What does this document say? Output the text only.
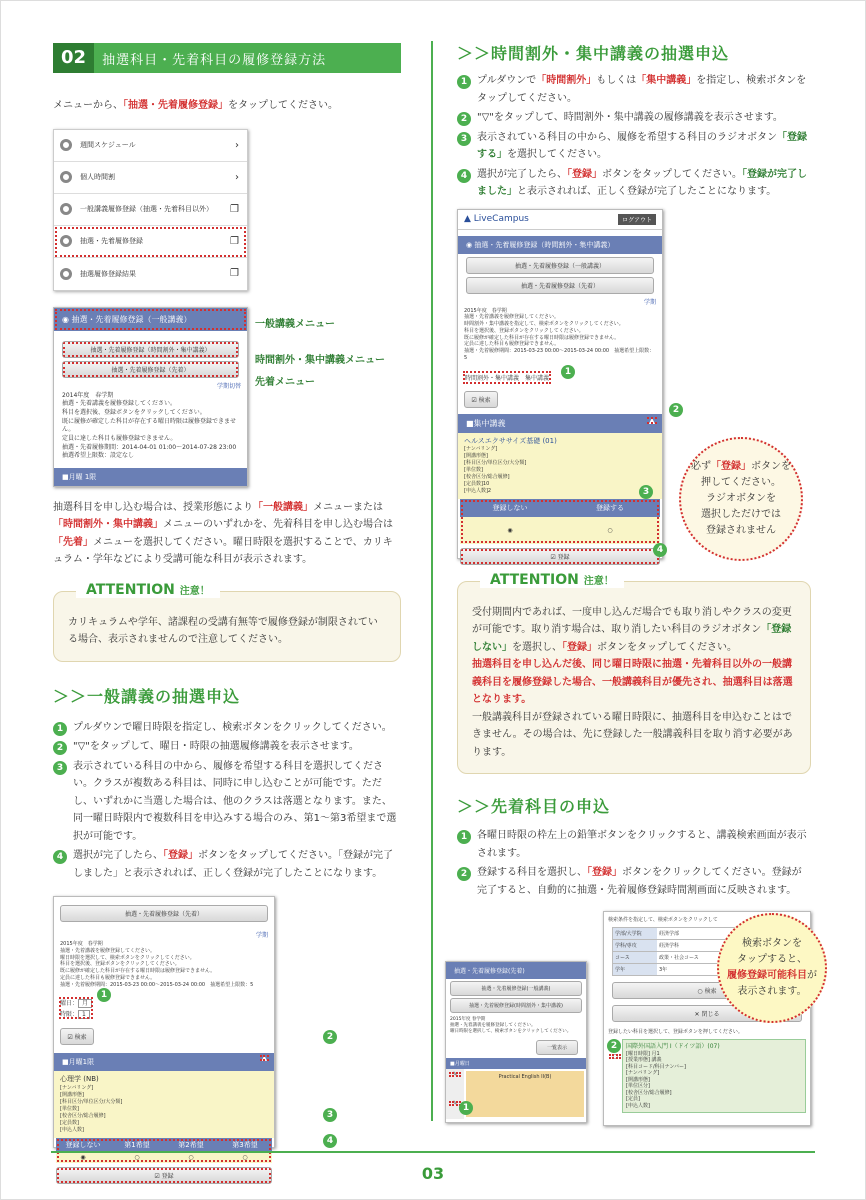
02	抽選科目・先着科目の履修登録方法
メニューから、「抽選・先着履修登録」をタップしてください。
週間スケジュール	›
個人時間割	›
一般講義履修登録（抽選・先着科目以外） ❐
抽選・先着履修登録	❐
抽選履修登録結果	❐
◉ 抽選・先着履修登録（一般講義）
抽選・先着履修登録（時間割外・集中講義）
抽選・先着履修登録（先着）
学期切替
2014年度　春学期
抽選・先着講義を履修登録してください。
科目を選択後、登録ボタンをクリックしてください。
既に履修が確定した科目が存在する曜日時限は履修登録できません。
定員に達した科目も履修登録できません。
抽選・先着履修期間：2014-04-01 01:00～2014-07-28 23:00　抽選希望上限数：設定なし
■月曜 1限
一般講義メニュー
時間割外・集中講義メニュー
先着メニュー
抽選科目を申し込む場合は、授業形態により「一般講義」メニューまたは「時間割外・集中講義」メニューのいずれかを、先着科目を申し込む場合は「先着」メニューを選択してください。曜日時限を選択することで、カリキュラム・学年などにより受講可能な科目が表示されます。
ATTENTION 注意！
カリキュラムや学年、諸課程の受講有無等で履修登録が制限されている場合、表示されませんので注意してください。
＞＞一般講義の抽選申込
1 プルダウンで曜日時限を指定し、検索ボタンをクリックしてください。
2 "▽"をタップして、曜日・時限の抽選履修講義を表示させます。
3 表示されている科目の中から、履修を希望する科目を選択してください。クラスが複数ある科目は、同時に申し込むことが可能です。ただし、いずれかに当選した場合は、他のクラスは落選となります。また、同一曜日時限内で複数科目を申込みする場合のみ、第1〜第3希望まで選択が可能です。
4 選択が完了したら、「登録」ボタンをタップしてください。「登録が完了しました」と表示されれば、正しく登録が完了したことになります。
抽選・先着履修登録（先着）
学期
2015年度　春学期
抽選・先着講義を履修登録してください。
曜日時限を選択して、検索ボタンをクリックしてください。
科目を選択後、登録ボタンをクリックしてください。
既に履修が確定した科目が存在する曜日時限は履修登録できません。
定員に達した科目も履修登録できません。
抽選・先着履修期間：2015-03-23 00:00～2015-03-24 00:00　抽選希望上限数：5
曜日： 月
時限： 1
☑ 検索
■月曜1限	▲
心理学 (NB)
[ナンバリング]
[開講形態]
[科目区分/単位区分/大分類]
[単位数]
[校舎区分/総合履修]
[定員数]
[申込人数]
登録しない
◉
第1希望
○
第2希望
○
第3希望
○
☑ 登録
1
2
3
4
＞＞時間割外・集中講義の抽選申込
1 プルダウンで「時間割外」もしくは「集中講義」を指定し、検索ボタンをタップしてください。
2 "▽"をタップして、時間割外・集中講義の履修講義を表示させます。
3 表示されている科目の中から、履修を希望する科目のラジオボタン「登録する」を選択してください。
4 選択が完了したら、「登録」ボタンをタップしてください。「登録が完了しました」と表示されれば、正しく登録が完了したことになります。
▲ LiveCampus	ログアウト
◉ 抽選・先着履修登録（時間割外・集中講義）
抽選・先着履修登録（一般講義）
抽選・先着履修登録（先着）
学期
2015年度　春学期
抽選・先着講義を履修登録してください。
時間割外・集中講義を指定して、検索ボタンをクリックしてください。
科目を選択後、登録ボタンをクリックしてください。
既に履修が確定した科目が存在する曜日時限は履修登録できません。
定員に達した科目も履修登録できません。
抽選・先着履修期間：2015-03-23 00:00～2015-03-24 00:00　抽選希望上限数：5
時間割外・集中講義　 集中講義
☑ 検索
■集中講義	▲
ヘルスエクササイズ基礎 (01)
[ナンバリング]
[開講形態]
[科目区分/単位区分/大分類]
[単位数]
[校舎区分/総合履修]
[定員数]10
[申込人数]2
登録しない
◉
登録する
○
☑ 登録
1
2
3
4
必ず「登録」ボタンを
押してください。
ラジオボタンを
選択しただけでは
登録されません
ATTENTION 注意！
受付期間内であれば、一度申し込んだ場合でも取り消しやクラスの変更が可能です。取り消す場合は、取り消したい科目のラジオボタン「登録しない」を選択し、「登録」ボタンをタップしてください。
抽選科目を申し込んだ後、同じ曜日時限に抽選・先着科目以外の一般講義科目を履修登録した場合、一般講義科目が優先され、抽選科目は落選となります。
一般講義科目が登録されている曜日時限に、抽選科目を申込むことはできません。その場合は、先に登録した一般講義科目を取り消す必要があります。
＞＞先着科目の申込
1 各曜日時限の枠左上の鉛筆ボタンをクリックすると、講義検索画面が表示されます。
2 登録する科目を選択し、「登録」ボタンをクリックしてください。登録が完了すると、自動的に抽選・先着履修登録時間割画面に反映されます。
抽選・先着履修登録(先着)
抽選・先着履修登録(一般講義)
抽選・先着履修登録(時間割外・集中講義)
2015年度 春学期
抽選・先着講義を履修登録してください。
曜日時限を選択して、検索ボタンをクリックしてください。
一覧表示
■月曜日
✎
✎
Practical English II(B)
1
検索条件を指定して、検索ボタンをクリックして
学部/大学院	経済学部
学科/専攻	経済学科
コース	政策・社会コース
学年	3年
○ 検索
✕ 閉じる
登録したい科目を選択して、登録ボタンを押してください。
○
国際外国語入門 I（ドイツ語）(07)
[曜日時限] 月1
[授業形態] 講義
[科目コード/科目ナンバー]
[ナンバリング]
[開講形態]
[単位区分]
[校舎区分/総合履修]
[定員]
[申込人数]
2
検索ボタンを
タップすると、
履修登録可能科目が
表示されます。
03
